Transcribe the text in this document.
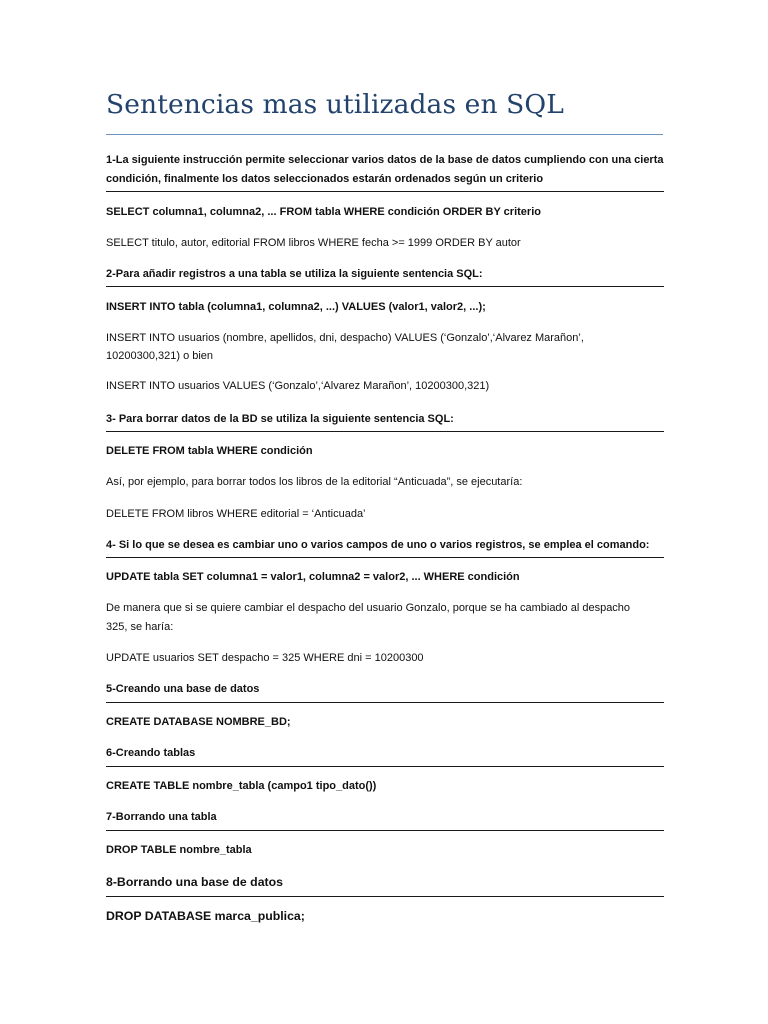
Sentencias mas utilizadas en SQL
1-La siguiente instrucción permite seleccionar varios datos de la base de datos cumpliendo con una cierta
condición, finalmente los datos seleccionados estarán ordenados según un criterio
SELECT columna1, columna2, ... FROM tabla WHERE condición ORDER BY criterio
SELECT titulo, autor, editorial FROM libros WHERE fecha >= 1999 ORDER BY autor
2-Para añadir registros a una tabla se utiliza la siguiente sentencia SQL:
INSERT INTO tabla (columna1, columna2, ...) VALUES (valor1, valor2, ...);
INSERT INTO usuarios (nombre, apellidos, dni, despacho) VALUES (‘Gonzalo’,‘Alvarez Marañon’,
10200300,321) o bien
INSERT INTO usuarios VALUES (‘Gonzalo’,‘Alvarez Marañon’, 10200300,321)
3- Para borrar datos de la BD se utiliza la siguiente sentencia SQL:
DELETE FROM tabla WHERE condición
Así, por ejemplo, para borrar todos los libros de la editorial “Anticuada”, se ejecutaría:
DELETE FROM libros WHERE editorial = ‘Anticuada’
4- Si lo que se desea es cambiar uno o varios campos de uno o varios registros, se emplea el comando:
UPDATE tabla SET columna1 = valor1, columna2 = valor2, ... WHERE condición
De manera que si se quiere cambiar el despacho del usuario Gonzalo, porque se ha cambiado al despacho
325, se haría:
UPDATE usuarios SET despacho = 325 WHERE dni = 10200300
5-Creando una base de datos
CREATE DATABASE NOMBRE_BD;
6-Creando tablas
CREATE TABLE nombre_tabla (campo1 tipo_dato())
7-Borrando una tabla
DROP TABLE nombre_tabla
8-Borrando una base de datos
DROP DATABASE marca_publica;
